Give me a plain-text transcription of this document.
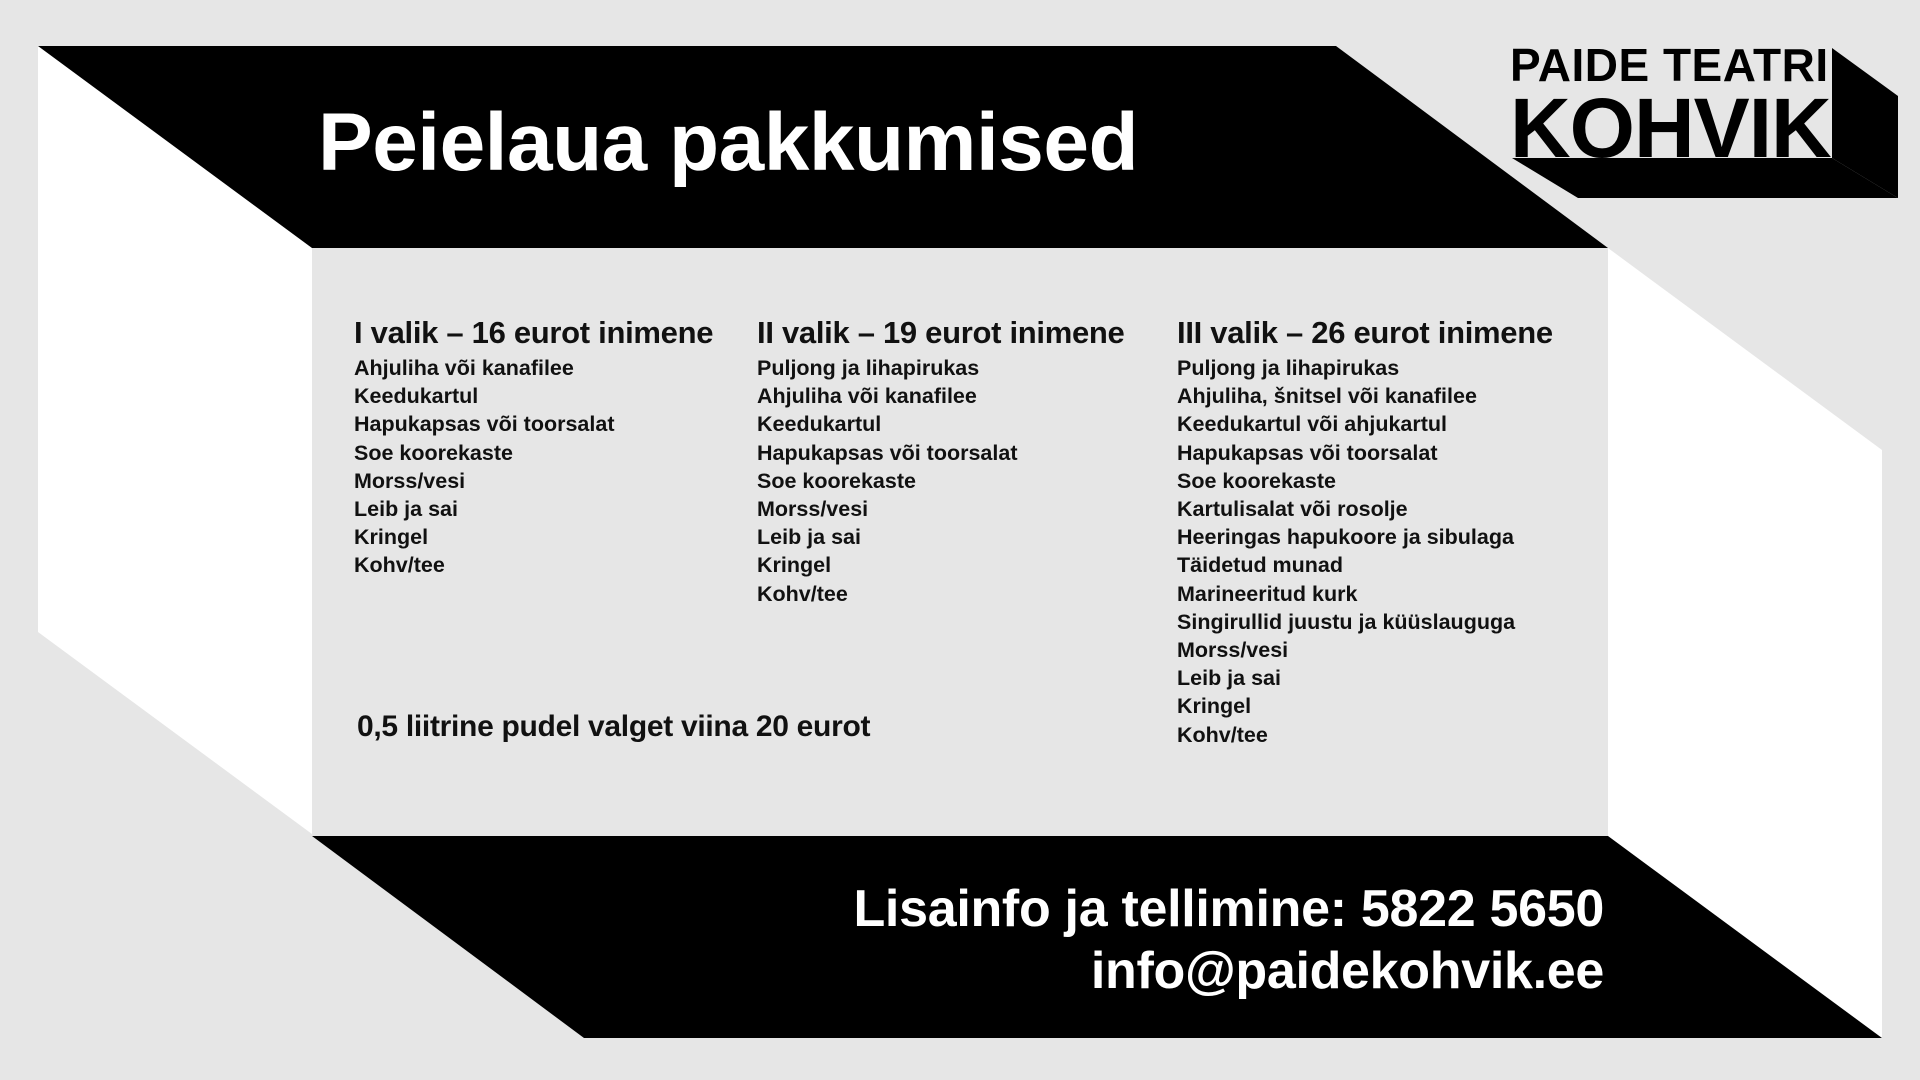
Peielaua pakkumised
PAIDE TEATRI
KOHVIK
I valik – 16 eurot inimene
Ahjuliha või kanafilee
Keedukartul
Hapukapsas või toorsalat
Soe koorekaste
Morss/vesi
Leib ja sai
Kringel
Kohv/tee
II valik – 19 eurot inimene
Puljong ja lihapirukas
Ahjuliha või kanafilee
Keedukartul
Hapukapsas või toorsalat
Soe koorekaste
Morss/vesi
Leib ja sai
Kringel
Kohv/tee
III valik – 26 eurot inimene
Puljong ja lihapirukas
Ahjuliha, šnitsel või kanafilee
Keedukartul või ahjukartul
Hapukapsas või toorsalat
Soe koorekaste
Kartulisalat või rosolje
Heeringas hapukoore ja sibulaga
Täidetud munad
Marineeritud kurk
Singirullid juustu ja küüslauguga
Morss/vesi
Leib ja sai
Kringel
Kohv/tee
0,5 liitrine pudel valget viina 20 eurot
Lisainfo ja tellimine: 5822 5650
info@paidekohvik.ee
